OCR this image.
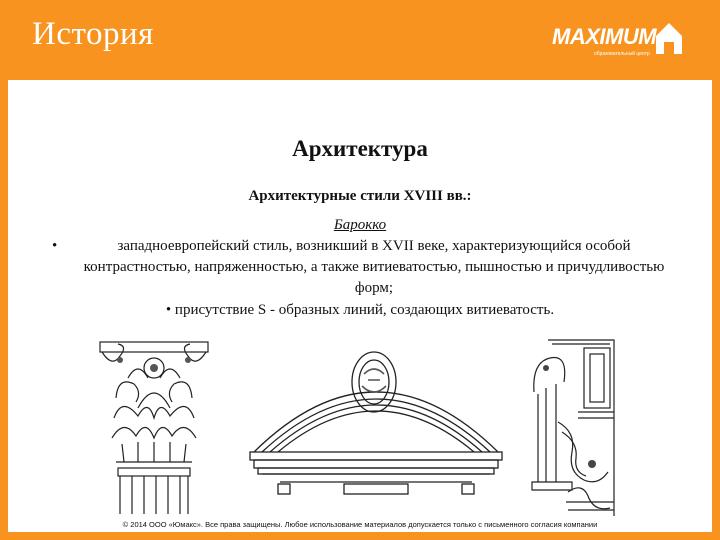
История	MAXIMUM
образовательный центр
Архитектура
Архитектурные стили XVIII вв.:
Барокко
•	западноевропейский стиль, возникший в XVII веке, характеризующийся особой контрастностью, напряженностью, а также витиеватостью, пышностью и причудливостью форм;
• присутствие S - образных линий, создающих витиеватость.
© 2014 ООО «Юмакс». Все права защищены. Любое использование материалов допускается только с письменного согласия компании
